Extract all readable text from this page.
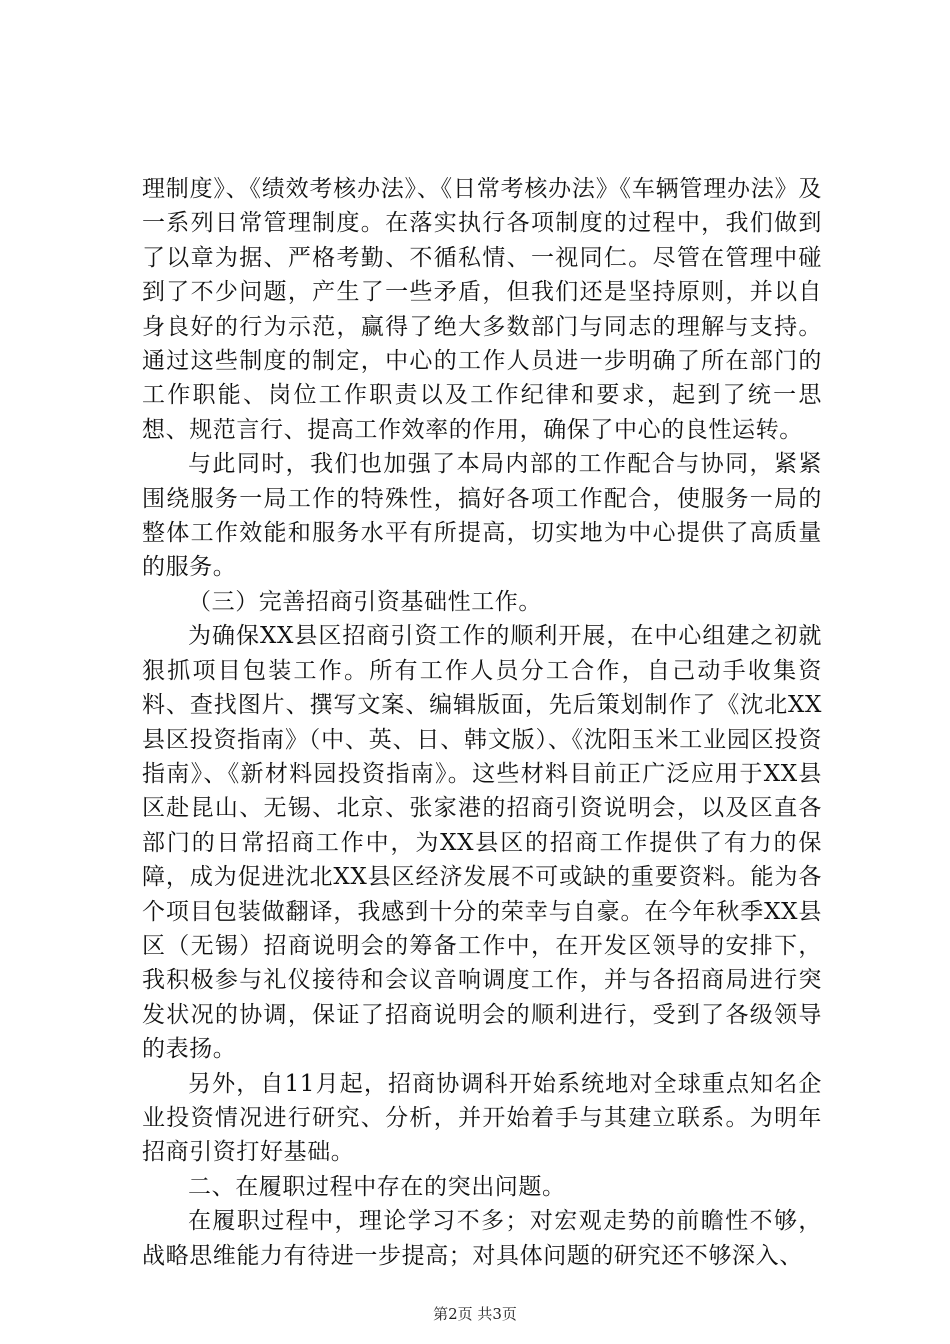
理制度》、《绩效考核办法》、《日常考核办法》《车辆管理办法》及一系列日常管理制度。在落实执行各项制度的过程中，我们做到了以章为据、严格考勤、不循私情、一视同仁。尽管在管理中碰到了不少问题，产生了一些矛盾，但我们还是坚持原则，并以自身良好的行为示范，赢得了绝大多数部门与同志的理解与支持。通过这些制度的制定，中心的工作人员进一步明确了所在部门的工作职能、岗位工作职责以及工作纪律和要求，起到了统一思想、规范言行、提高工作效率的作用，确保了中心的良性运转。

与此同时，我们也加强了本局内部的工作配合与协同，紧紧围绕服务一局工作的特殊性，搞好各项工作配合，使服务一局的整体工作效能和服务水平有所提高，切实地为中心提供了高质量的服务。

（三）完善招商引资基础性工作。

为确保XX县区招商引资工作的顺利开展，在中心组建之初就狠抓项目包装工作。所有工作人员分工合作，自己动手收集资料、查找图片、撰写文案、编辑版面，先后策划制作了《沈北XX县区投资指南》（中、英、日、韩文版）、《沈阳玉米工业园区投资指南》、《新材料园投资指南》。这些材料目前正广泛应用于XX县区赴昆山、无锡、北京、张家港的招商引资说明会，以及区直各部门的日常招商工作中，为XX县区的招商工作提供了有力的保障，成为促进沈北XX县区经济发展不可或缺的重要资料。能为各个项目包装做翻译，我感到十分的荣幸与自豪。在今年秋季XX县区（无锡）招商说明会的筹备工作中，在开发区领导的安排下，我积极参与礼仪接待和会议音响调度工作，并与各招商局进行突发状况的协调，保证了招商说明会的顺利进行，受到了各级领导的表扬。

另外，自11月起，招商协调科开始系统地对全球重点知名企业投资情况进行研究、分析，并开始着手与其建立联系。为明年招商引资打好基础。

二、在履职过程中存在的突出问题。

在履职过程中，理论学习不多；对宏观走势的前瞻性不够，战略思维能力有待进一步提高；对具体问题的研究还不够深入、

第2页 共3页
